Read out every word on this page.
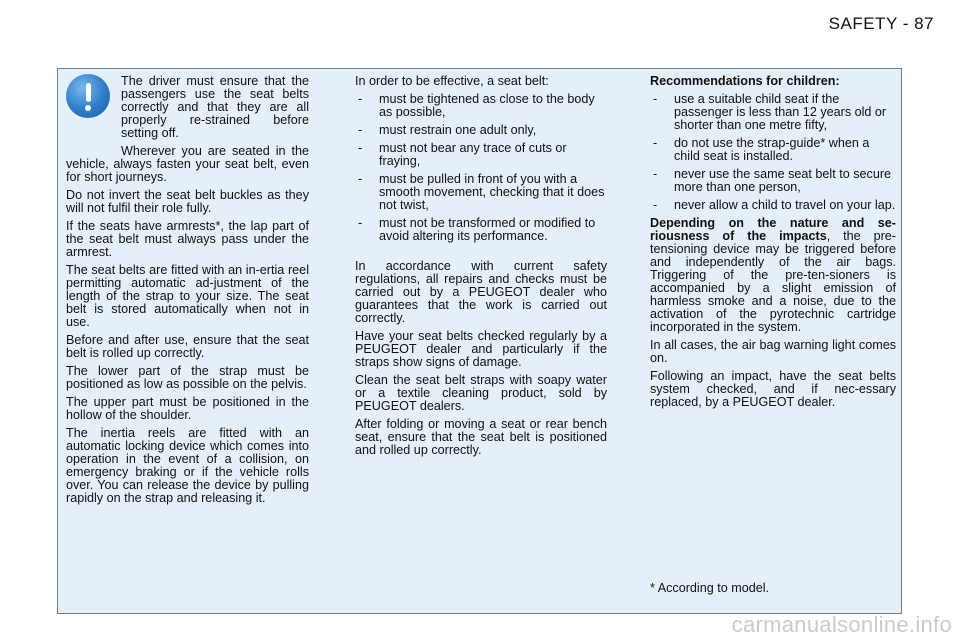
SAFETY - 87

The driver must ensure that the passengers use the seat belts correctly and that they are all properly re-strained before setting off.

Wherever you are seated in the vehicle, always fasten your seat belt, even for short journeys.

Do not invert the seat belt buckles as they will not fulfil their role fully.

If the seats have armrests*, the lap part of the seat belt must always pass under the armrest.

The seat belts are fitted with an in-ertia reel permitting automatic ad-justment of the length of the strap to your size. The seat belt is stored automatically when not in use.

Before and after use, ensure that the seat belt is rolled up correctly.

The lower part of the strap must be positioned as low as possible on the pelvis.

The upper part must be positioned in the hollow of the shoulder.

The inertia reels are fitted with an automatic locking device which comes into operation in the event of a collision, on emergency braking or if the vehicle rolls over. You can release the device by pulling rapidly on the strap and releasing it.

In order to be effective, a seat belt:

- must be tightened as close to the body as possible,
- must restrain one adult only,
- must not bear any trace of cuts or fraying,
- must be pulled in front of you with a smooth movement, checking that it does not twist,
- must not be transformed or modified to avoid altering its performance.

In accordance with current safety regulations, all repairs and checks must be carried out by a PEUGEOT dealer who guarantees that the work is carried out correctly.

Have your seat belts checked regularly by a PEUGEOT dealer and particularly if the straps show signs of damage.

Clean the seat belt straps with soapy water or a textile cleaning product, sold by PEUGEOT dealers.

After folding or moving a seat or rear bench seat, ensure that the seat belt is positioned and rolled up correctly.

Recommendations for children:

- use a suitable child seat if the passenger is less than 12 years old or shorter than one metre fifty,
- do not use the strap-guide* when a child seat is installed.
- never use the same seat belt to secure more than one person,
- never allow a child to travel on your lap.

Depending on the nature and se-riousness of the impacts, the pre-tensioning device may be triggered before and independently of the air bags. Triggering of the pre-ten-sioners is accompanied by a slight emission of harmless smoke and a noise, due to the activation of the pyrotechnic cartridge incorporated in the system.

In all cases, the air bag warning light comes on.

Following an impact, have the seat belts system checked, and if nec-essary replaced, by a PEUGEOT dealer.

* According to model.
carmanualsonline.info
